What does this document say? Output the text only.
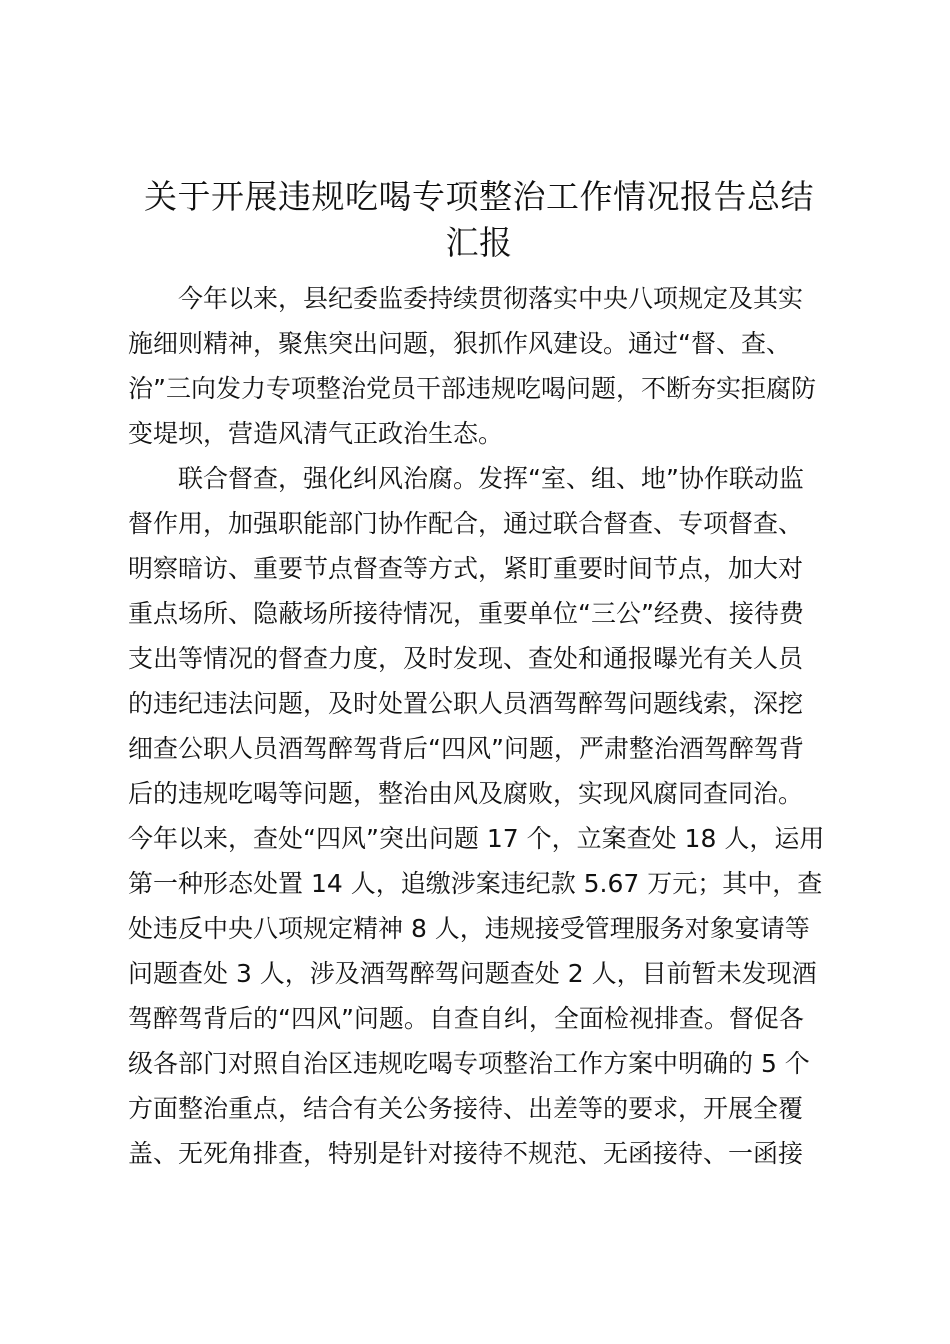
关于开展违规吃喝专项整治工作情况报告总结
汇报

今年以来，县纪委监委持续贯彻落实中央八项规定及其实
施细则精神，聚焦突出问题，狠抓作风建设。通过“督、查、
治”三向发力专项整治党员干部违规吃喝问题，不断夯实拒腐防
变堤坝，营造风清气正政治生态。

联合督查，强化纠风治腐。发挥“室、组、地”协作联动监
督作用，加强职能部门协作配合，通过联合督查、专项督查、
明察暗访、重要节点督查等方式，紧盯重要时间节点，加大对
重点场所、隐蔽场所接待情况，重要单位“三公”经费、接待费
支出等情况的督查力度，及时发现、查处和通报曝光有关人员
的违纪违法问题，及时处置公职人员酒驾醉驾问题线索，深挖
细查公职人员酒驾醉驾背后“四风”问题，严肃整治酒驾醉驾背
后的违规吃喝等问题，整治由风及腐败，实现风腐同查同治。
今年以来，查处“四风”突出问题 17 个，立案查处 18 人，运用
第一种形态处置 14 人，追缴涉案违纪款 5.67 万元；其中，查
处违反中央八项规定精神 8 人，违规接受管理服务对象宴请等
问题查处 3 人，涉及酒驾醉驾问题查处 2 人，目前暂未发现酒
驾醉驾背后的“四风”问题。自查自纠，全面检视排查。督促各
级各部门对照自治区违规吃喝专项整治工作方案中明确的 5 个
方面整治重点，结合有关公务接待、出差等的要求，开展全覆
盖、无死角排查，特别是针对接待不规范、无函接待、一函接
